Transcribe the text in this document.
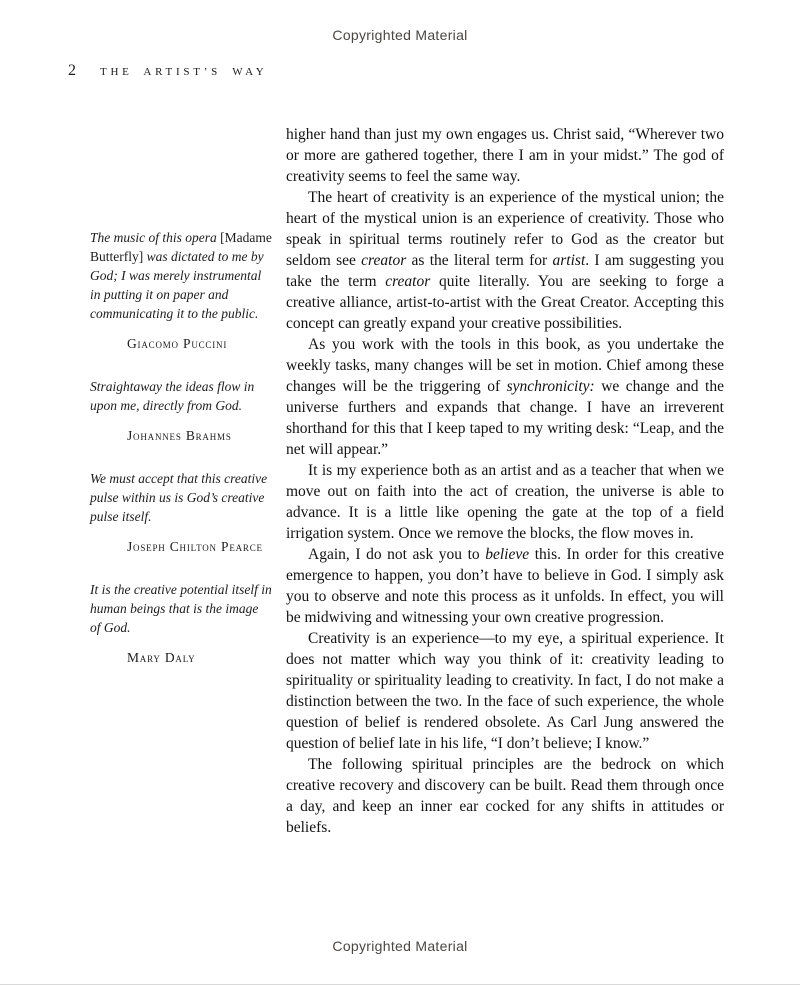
Copyrighted Material
2 THE ARTIST’S WAY
The music of this opera [Madame Butterfly] was dictated to me by God; I was merely instrumental in putting it on paper and communicating it to the public.
Giacomo Puccini
Straightaway the ideas flow in upon me, directly from God.
Johannes Brahms
We must accept that this creative pulse within us is God’s creative pulse itself.
Joseph Chilton Pearce
It is the creative potential itself in human beings that is the image of God.
Mary Daly

higher hand than just my own engages us. Christ said, “Wherever two or more are gathered together, there I am in your midst.” The god of creativity seems to feel the same way.

The heart of creativity is an experience of the mystical union; the heart of the mystical union is an experience of creativity. Those who speak in spiritual terms routinely refer to God as the creator but seldom see creator as the literal term for artist. I am suggesting you take the term creator quite literally. You are seeking to forge a creative alliance, artist-to-artist with the Great Creator. Accepting this concept can greatly expand your creative possibilities.

As you work with the tools in this book, as you undertake the weekly tasks, many changes will be set in motion. Chief among these changes will be the triggering of synchronicity: we change and the universe furthers and expands that change. I have an irreverent shorthand for this that I keep taped to my writing desk: “Leap, and the net will appear.”

It is my experience both as an artist and as a teacher that when we move out on faith into the act of creation, the universe is able to advance. It is a little like opening the gate at the top of a field irrigation system. Once we remove the blocks, the flow moves in.

Again, I do not ask you to believe this. In order for this creative emergence to happen, you don’t have to believe in God. I simply ask you to observe and note this process as it unfolds. In effect, you will be midwiving and witnessing your own creative progression.

Creativity is an experience—to my eye, a spiritual experience. It does not matter which way you think of it: creativity leading to spirituality or spirituality leading to creativity. In fact, I do not make a distinction between the two. In the face of such experience, the whole question of belief is rendered obsolete. As Carl Jung answered the question of belief late in his life, “I don’t believe; I know.”

The following spiritual principles are the bedrock on which creative recovery and discovery can be built. Read them through once a day, and keep an inner ear cocked for any shifts in attitudes or beliefs.

Copyrighted Material
